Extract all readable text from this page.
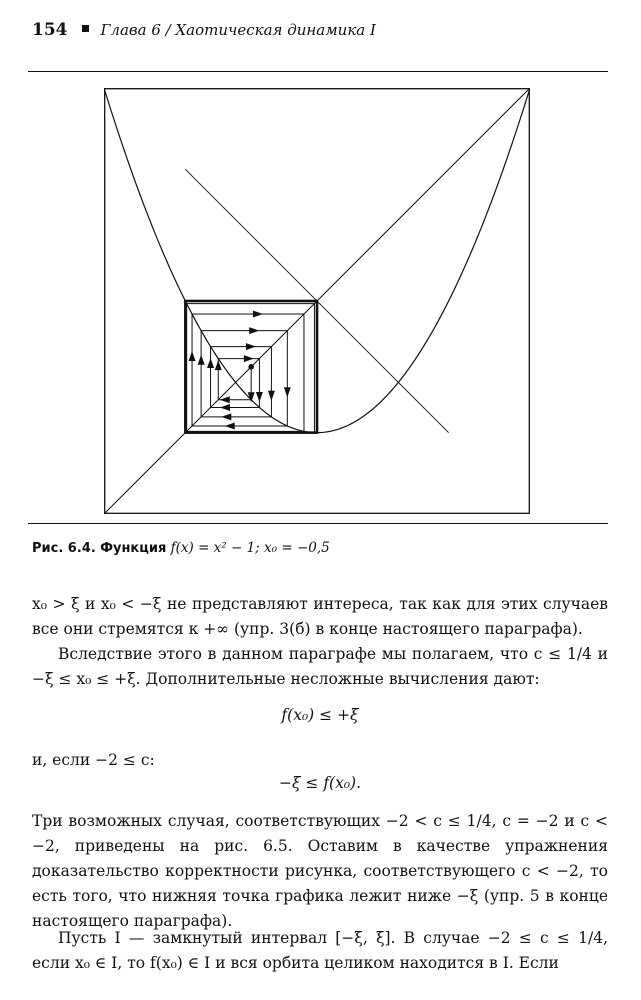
154 Глава 6 / Хаотическая динамика I
Рис. 6.4. Функция f(x) = x² − 1; x₀ = −0,5

x₀ > ξ и x₀ < −ξ не представляют интереса, так как для этих случаев все они стремятся к +∞ (упр. 3(б) в конце настоящего параграфа).

Вследствие этого в данном параграфе мы полагаем, что c ≤ 1/4 и −ξ ≤ x₀ ≤ +ξ. Дополнительные несложные вычисления дают:

f(x₀) ≤ +ξ

и, если −2 ≤ c:

−ξ ≤ f(x₀).

Три возможных случая, соответствующих −2 < c ≤ 1/4, c = −2 и c < −2, приведены на рис. 6.5. Оставим в качестве упражнения доказательство корректности рисунка, соответствующего c < −2, то есть того, что нижняя точка графика лежит ниже −ξ (упр. 5 в конце настоящего параграфа).

Пусть I — замкнутый интервал [−ξ, ξ]. В случае −2 ≤ c ≤ 1/4, если x₀ ∈ I, то f(x₀) ∈ I и вся орбита целиком находится в I. Если
